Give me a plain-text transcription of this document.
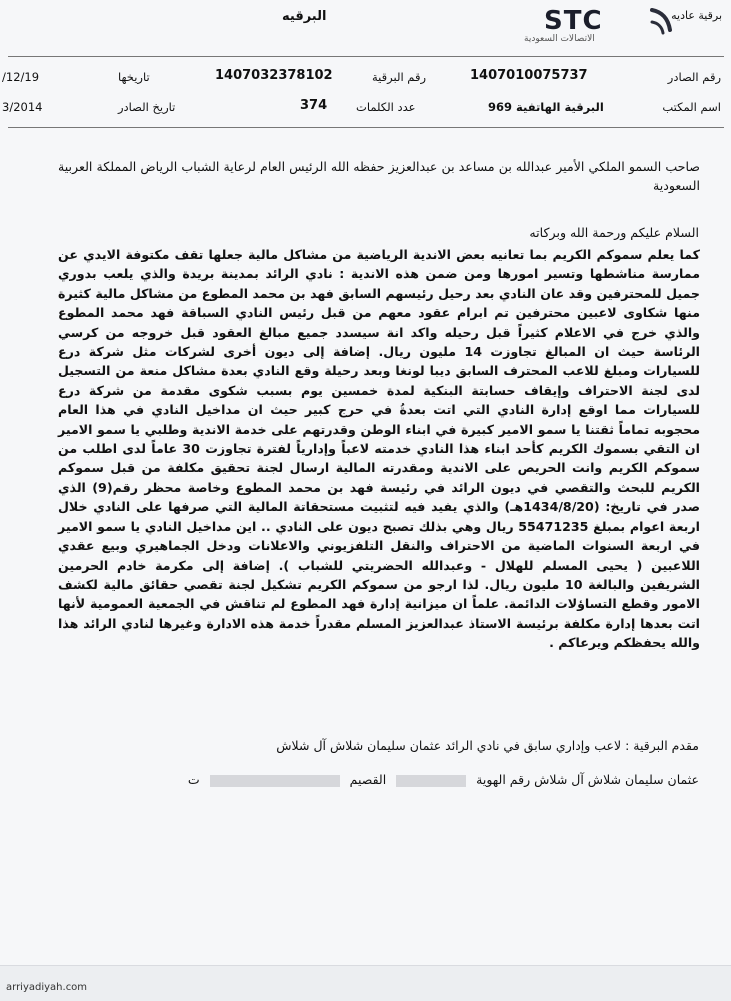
STC
الاتصالات السعودية
البرقيه	برقية عاديه
رقم الصادر
1407010075737
رقم البرقية
1407032378102
تاريخها
/12/19
اسم المكتب
البرقية الهاتفية 969
عدد الكلمات
374
تاريخ الصادر
3/2014
صاحب السمو الملكي الأمير عبدالله بن مساعد بن عبدالعزيز حفظه الله الرئيس العام لرعاية الشباب الرياض المملكة العربية السعودية
السلام عليكم ورحمة الله وبركاته
كما يعلم سموكم الكريم بما تعانيه بعض الاندية الرياضية من مشاكل مالية جعلها تقف مكتوفة الايدي عن ممارسة مناشطها وتسير امورها ومن ضمن هذه الاندية : نادي الرائد بمدينة بريدة والذي يلعب بدوري جميل للمحترفين وقد عان النادي بعد رحيل رئيسهم السابق فهد بن محمد المطوع من مشاكل مالية كثيرة منها شكاوى لاعبين محترفين تم ابرام عقود معهم من قبل رئيس النادي السباقة فهد محمد المطوع والذي خرج في الاعلام كثيراً قبل رحيله واكد انة سيسدد جميع مبالغ العقود قبل خروجه من كرسي الرئاسة حيث ان المبالغ تجاوزت 14 مليون ريال. إضافة إلى ديون أخرى لشركات مثل شركة درع للسيارات ومبلغ للاعب المحترف السابق ديبا لونغا وبعد رحيلة وقع النادي بعدة مشاكل منعة من التسجيل لدى لجنة الاحتراف وإيقاف حسابتة البنكية لمدة خمسين يوم بسبب شكوى مقدمة من شركة درع للسيارات مما اوقع إدارة النادي التي اتت بعدةُ في حرج كبير حيث ان مداخيل النادي في هذا العام محجوبه تماماً ثقتنا يا سمو الامير كبيرة في ابناء الوطن وقدرتهم على خدمة الاندية وطلبي يا سمو الامير ان التقي بسموك الكريم كأحد ابناء هذا النادي خدمته لاعباً وإدارياً لفترة تجاوزت 30 عاماً لدى اطلب من سموكم الكريم وانت الحريص على الاندية ومقدرته المالية ارسال لجنة تحقيق مكلفة من قبل سموكم الكريم للبحث والتقصي في ديون الرائد في رئيسة فهد بن محمد المطوع وخاصة محظر رقم(9) الذي صدر في تاريخ: (1434/8/20هـ) والذي يفيد فيه لتثبيت مستحقاتة المالية التي صرفها على النادي خلال اربعة اعوام بمبلغ 55471235 ريال وهي بذلك تصبح ديون على النادي .. اين مداخيل النادي يا سمو الامير في اربعة السنوات الماضية من الاحتراف والنقل التلفزيوني والاعلانات ودخل الجماهيري وبيع عقدي اللاعبين ( يحيى المسلم للهلال - وعبدالله الحضريتي للشباب ). إضافة إلى مكرمة خادم الحرمين الشريفين والبالغة 10 مليون ريال. لذا ارجو من سموكم الكريم تشكيل لجنة تقصي حقائق مالية لكشف الامور وقطع التساؤلات الدائمة. علماً ان ميزانية إدارة فهد المطوع لم تناقش في الجمعية العمومية لأنها اتت بعدها إدارة مكلفة برئيسة الاستاذ عبدالعزيز المسلم مقدراً خدمة هذه الادارة وغيرها لنادي الرائد هذا والله يحفظكم ويرعاكم .
مقدم البرقية : لاعب وإداري سابق في نادي الرائد عثمان سليمان شلاش آل شلاش
عثمان سليمان شلاش آل شلاش رقم الهوية  القصيم  ت
arriyadiyah.com
